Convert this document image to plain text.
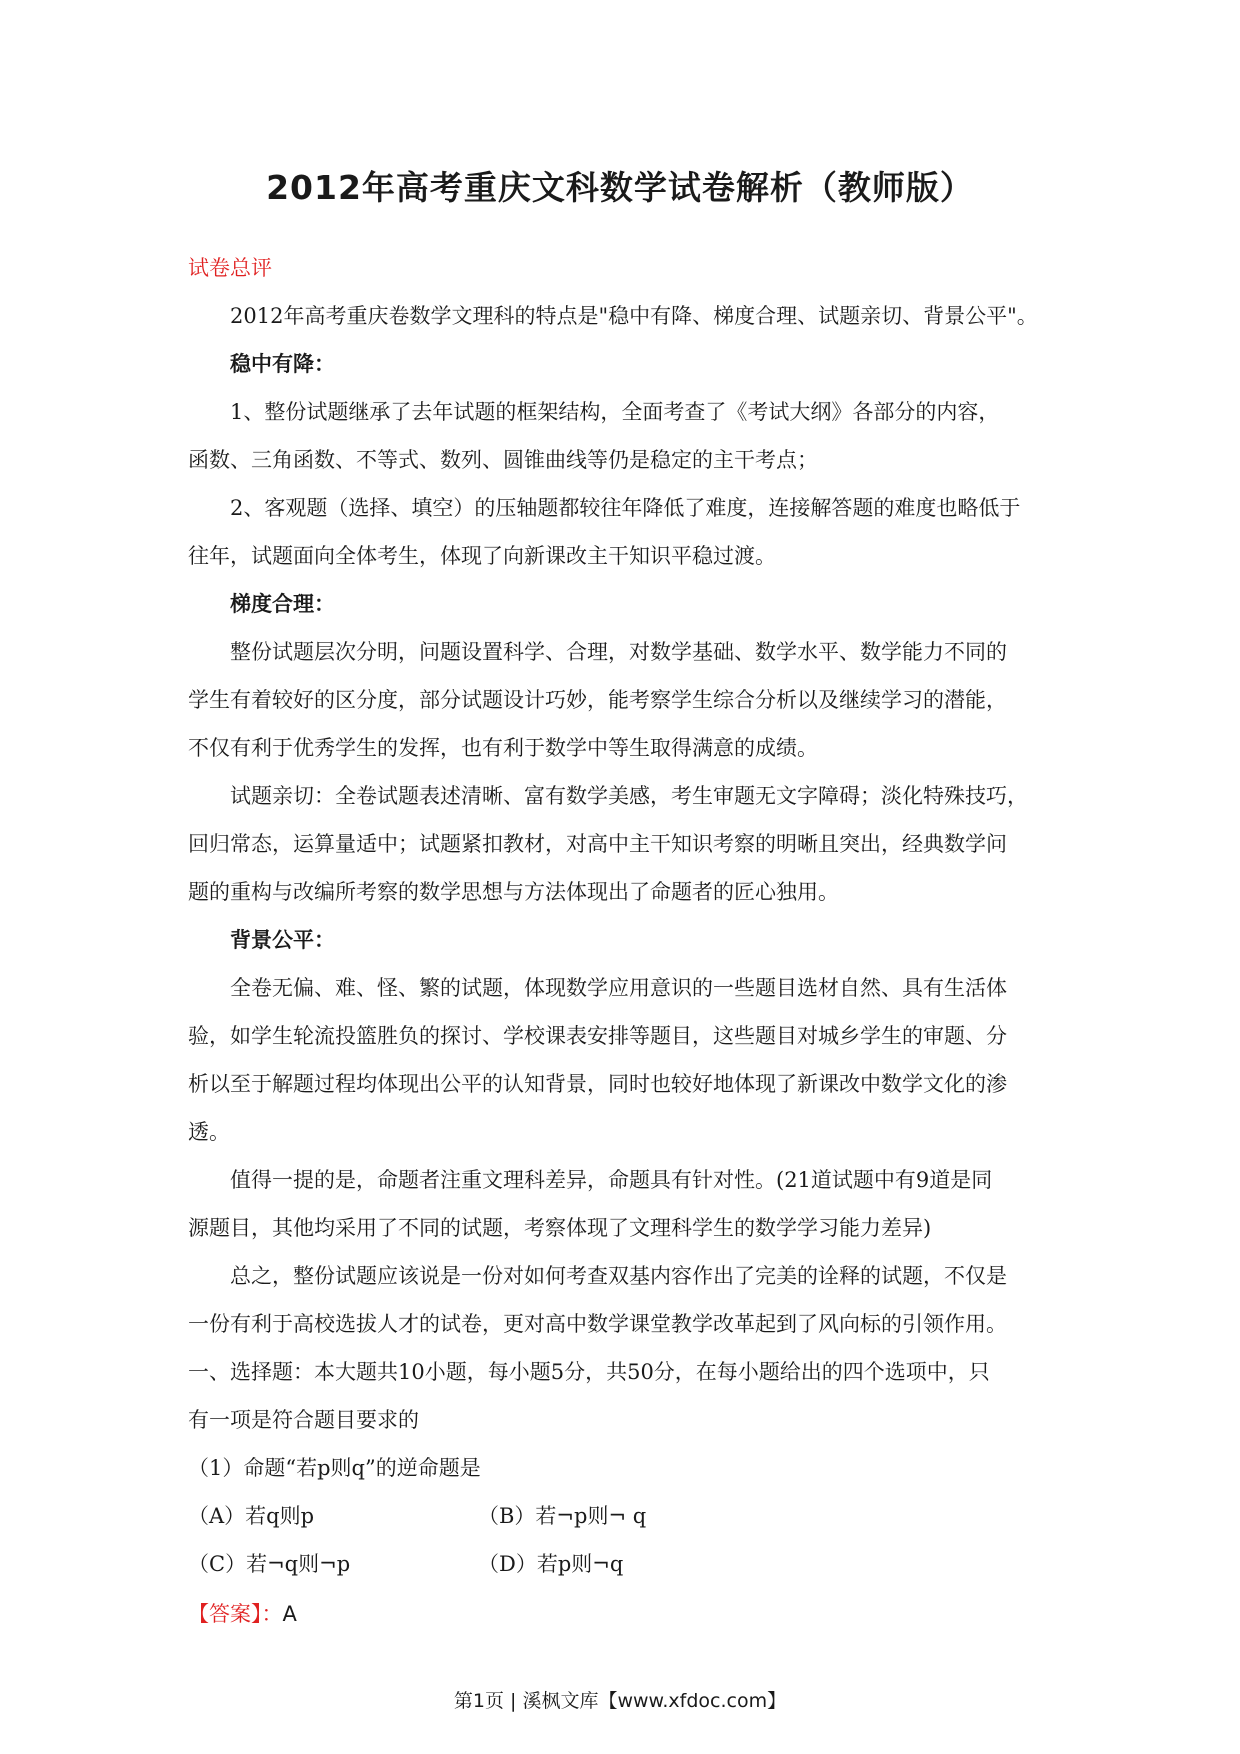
2012年高考重庆文科数学试卷解析（教师版）
试卷总评
2012年高考重庆卷数学文理科的特点是"稳中有降、梯度合理、试题亲切、背景公平"。
稳中有降：
1、整份试题继承了去年试题的框架结构，全面考查了《考试大纲》各部分的内容，
函数、三角函数、不等式、数列、圆锥曲线等仍是稳定的主干考点；
2、客观题（选择、填空）的压轴题都较往年降低了难度，连接解答题的难度也略低于
往年，试题面向全体考生，体现了向新课改主干知识平稳过渡。
梯度合理：
整份试题层次分明，问题设置科学、合理，对数学基础、数学水平、数学能力不同的
学生有着较好的区分度，部分试题设计巧妙，能考察学生综合分析以及继续学习的潜能，
不仅有利于优秀学生的发挥，也有利于数学中等生取得满意的成绩。
试题亲切：全卷试题表述清晰、富有数学美感，考生审题无文字障碍；淡化特殊技巧，
回归常态，运算量适中；试题紧扣教材，对高中主干知识考察的明晰且突出，经典数学问
题的重构与改编所考察的数学思想与方法体现出了命题者的匠心独用。
背景公平：
全卷无偏、难、怪、繁的试题，体现数学应用意识的一些题目选材自然、具有生活体
验，如学生轮流投篮胜负的探讨、学校课表安排等题目，这些题目对城乡学生的审题、分
析以至于解题过程均体现出公平的认知背景，同时也较好地体现了新课改中数学文化的渗
透。
值得一提的是，命题者注重文理科差异，命题具有针对性。(21道试题中有9道是同
源题目，其他均采用了不同的试题，考察体现了文理科学生的数学学习能力差异)
总之，整份试题应该说是一份对如何考查双基内容作出了完美的诠释的试题，不仅是
一份有利于高校选拔人才的试卷，更对高中数学课堂教学改革起到了风向标的引领作用。
一、选择题：本大题共10小题，每小题5分，共50分，在每小题给出的四个选项中，只
有一项是符合题目要求的
（1）命题“若p则q”的逆命题是
（A）若q则p	（B）若¬p则¬ q
（C）若¬q则¬p	（D）若p则¬q
【答案】：A
第1页 | 溪枫文库【www.xfdoc.com】
